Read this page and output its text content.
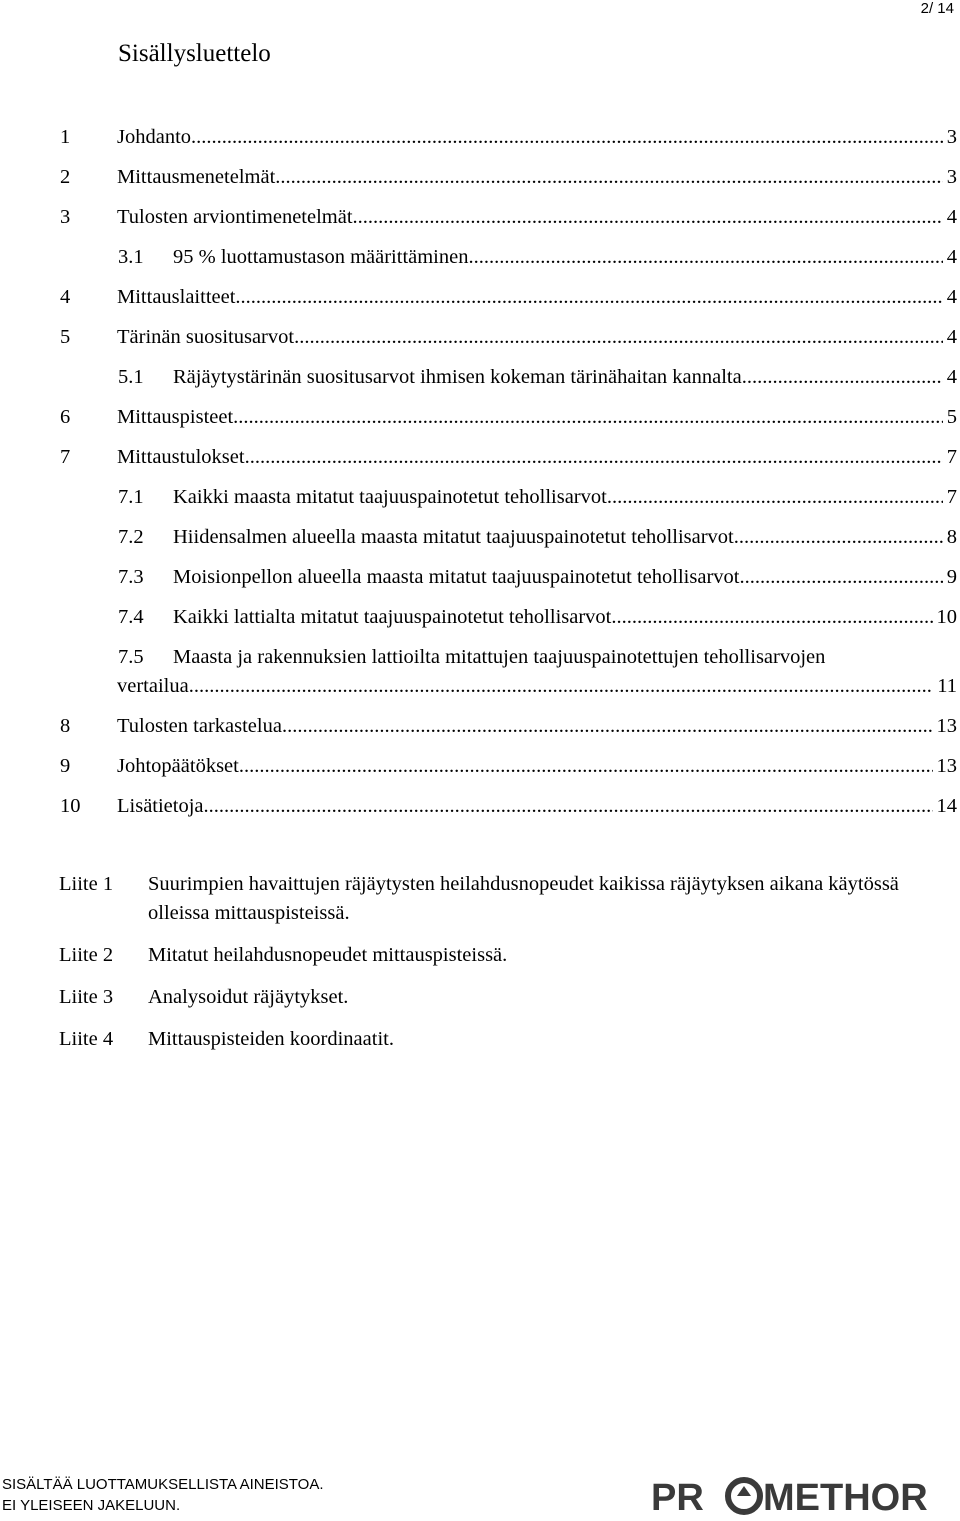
2/ 14
Sisällysluettelo
1 Johdanto .....	3
2 Mittausmenetelmät .....	3
3 Tulosten arviontimenetelmät .....	4
3.1 95 % luottamustason määrittäminen .....	4
4 Mittauslaitteet .....	4
5 Tärinän suositusarvot .....	4
5.1 Räjäytystärinän suositusarvot ihmisen kokeman tärinähaitan kannalta .....	4
6 Mittauspisteet .....	5
7 Mittaustulokset .....	7
7.1 Kaikki maasta mitatut taajuuspainotetut tehollisarvot .....	7
7.2 Hiidensalmen alueella maasta mitatut taajuuspainotetut tehollisarvot .....	8
7.3 Moisionpellon alueella maasta mitatut taajuuspainotetut tehollisarvot .....	9
7.4 Kaikki lattialta mitatut taajuuspainotetut tehollisarvot .....	10
7.5 Maasta ja rakennuksien lattioilta mitattujen taajuuspainotettujen tehollisarvojen
vertailua .....	11
8 Tulosten tarkastelua .....	13
9 Johtopäätökset .....	13
10 Lisätietoja .....	14
Liite 1	Suurimpien havaittujen räjäytysten heilahdusnopeudet kaikissa räjäytyksen aikana käytössä olleissa mittauspisteissä.
Liite 2	Mitatut heilahdusnopeudet mittauspisteissä.
Liite 3	Analysoidut räjäytykset.
Liite 4	Mittauspisteiden koordinaatit.
SISÄLTÄÄ LUOTTAMUKSELLISTA AINEISTOA.
EI YLEISEEN JAKELUUN.	PR METHOR
